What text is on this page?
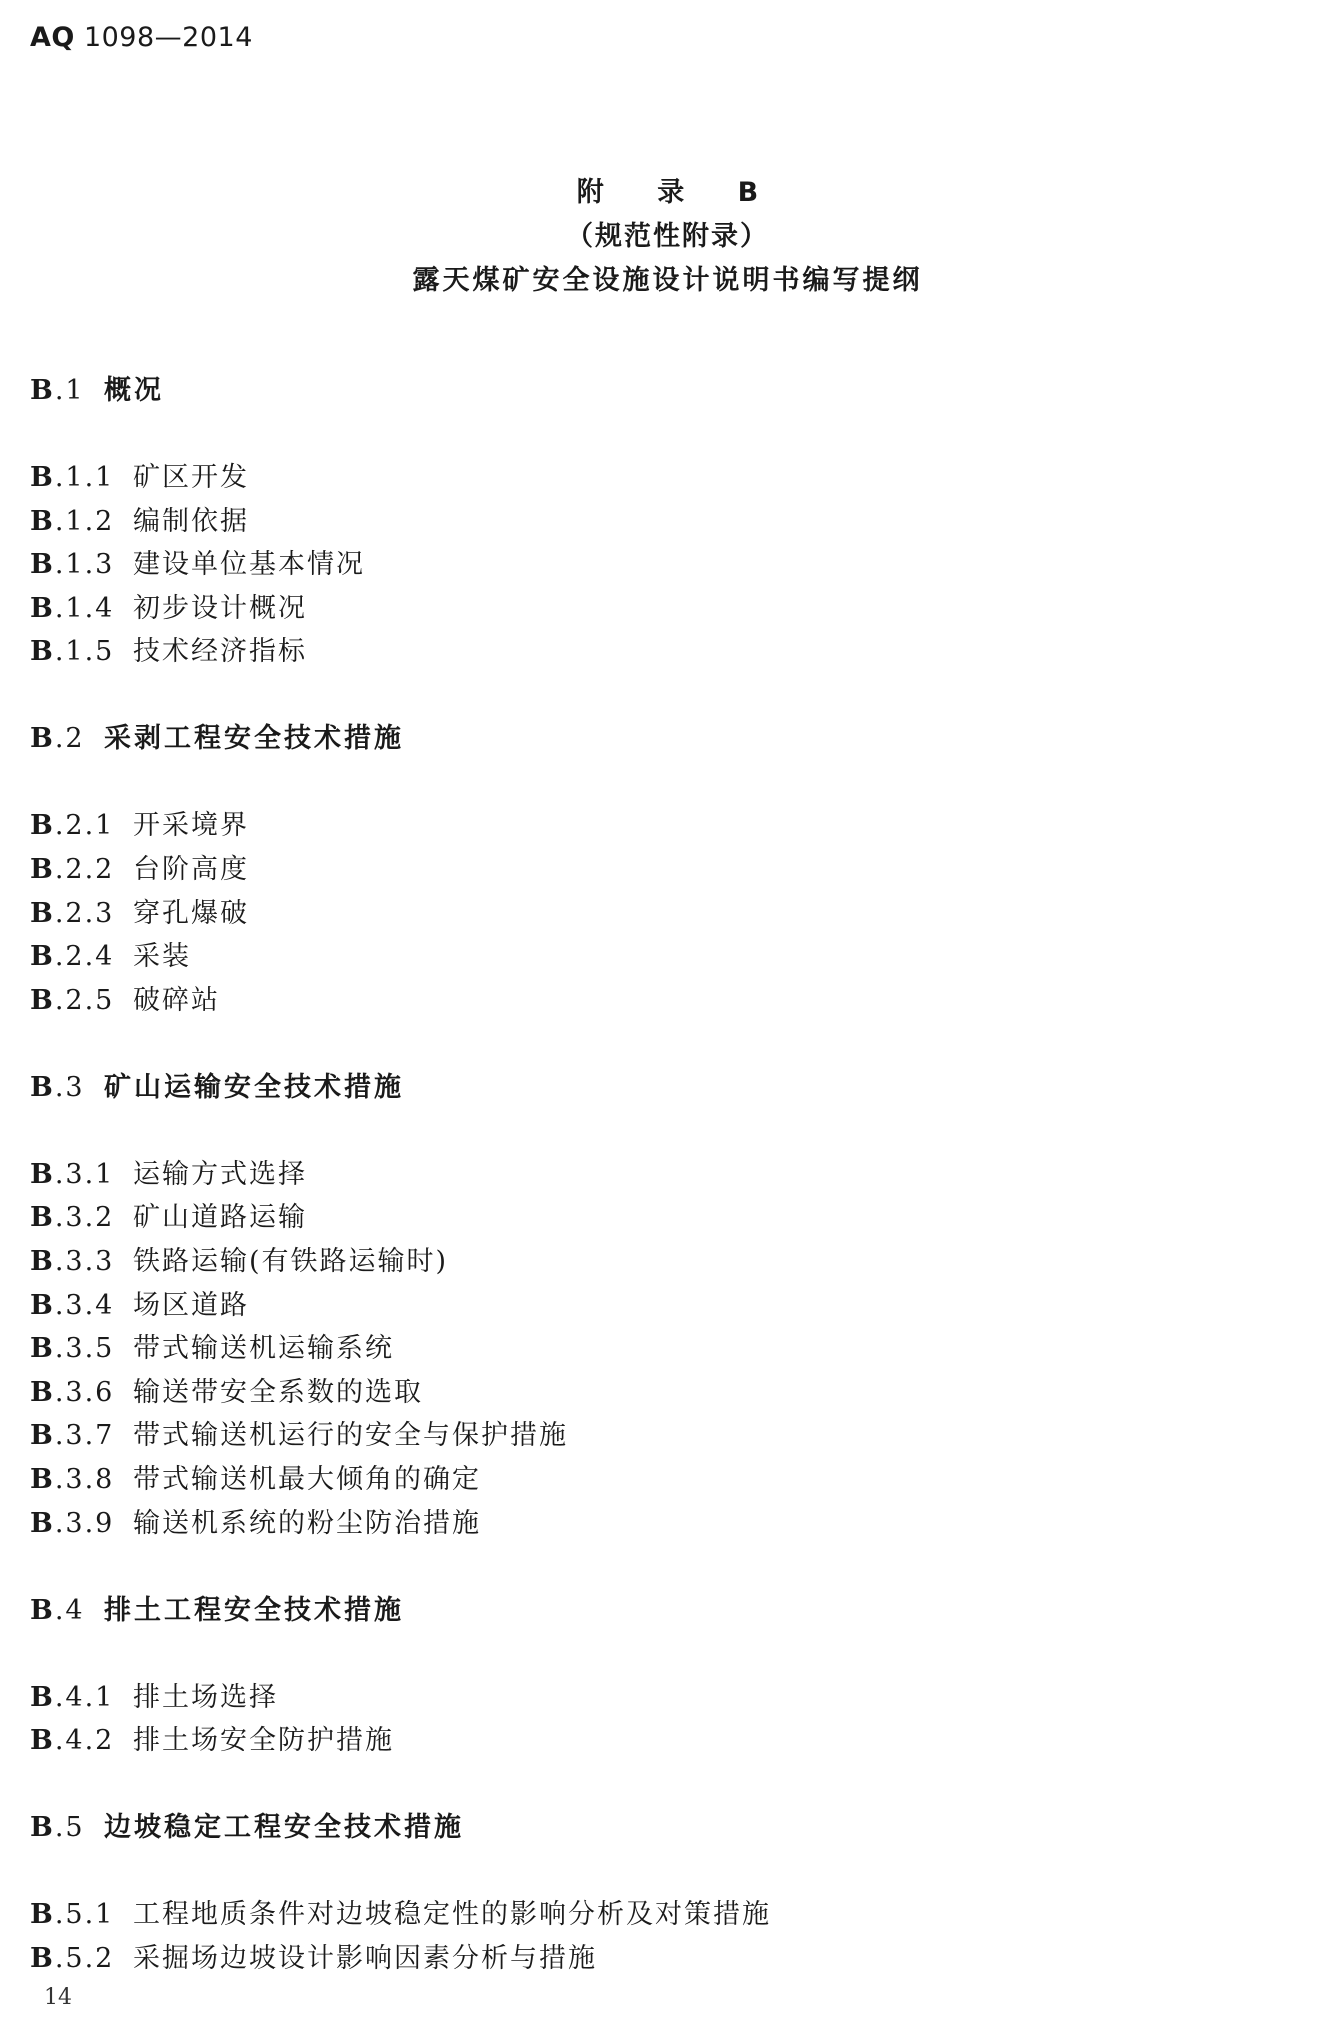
AQ 1098—2014
附 录 B
（规范性附录）
露天煤矿安全设施设计说明书编写提纲
B.1 概况
B.1.1 矿区开发
B.1.2 编制依据
B.1.3 建设单位基本情况
B.1.4 初步设计概况
B.1.5 技术经济指标
B.2 采剥工程安全技术措施
B.2.1 开采境界
B.2.2 台阶高度
B.2.3 穿孔爆破
B.2.4 采装
B.2.5 破碎站
B.3 矿山运输安全技术措施
B.3.1 运输方式选择
B.3.2 矿山道路运输
B.3.3 铁路运输(有铁路运输时)
B.3.4 场区道路
B.3.5 带式输送机运输系统
B.3.6 输送带安全系数的选取
B.3.7 带式输送机运行的安全与保护措施
B.3.8 带式输送机最大倾角的确定
B.3.9 输送机系统的粉尘防治措施
B.4 排土工程安全技术措施
B.4.1 排土场选择
B.4.2 排土场安全防护措施
B.5 边坡稳定工程安全技术措施
B.5.1 工程地质条件对边坡稳定性的影响分析及对策措施
B.5.2 采掘场边坡设计影响因素分析与措施
14
